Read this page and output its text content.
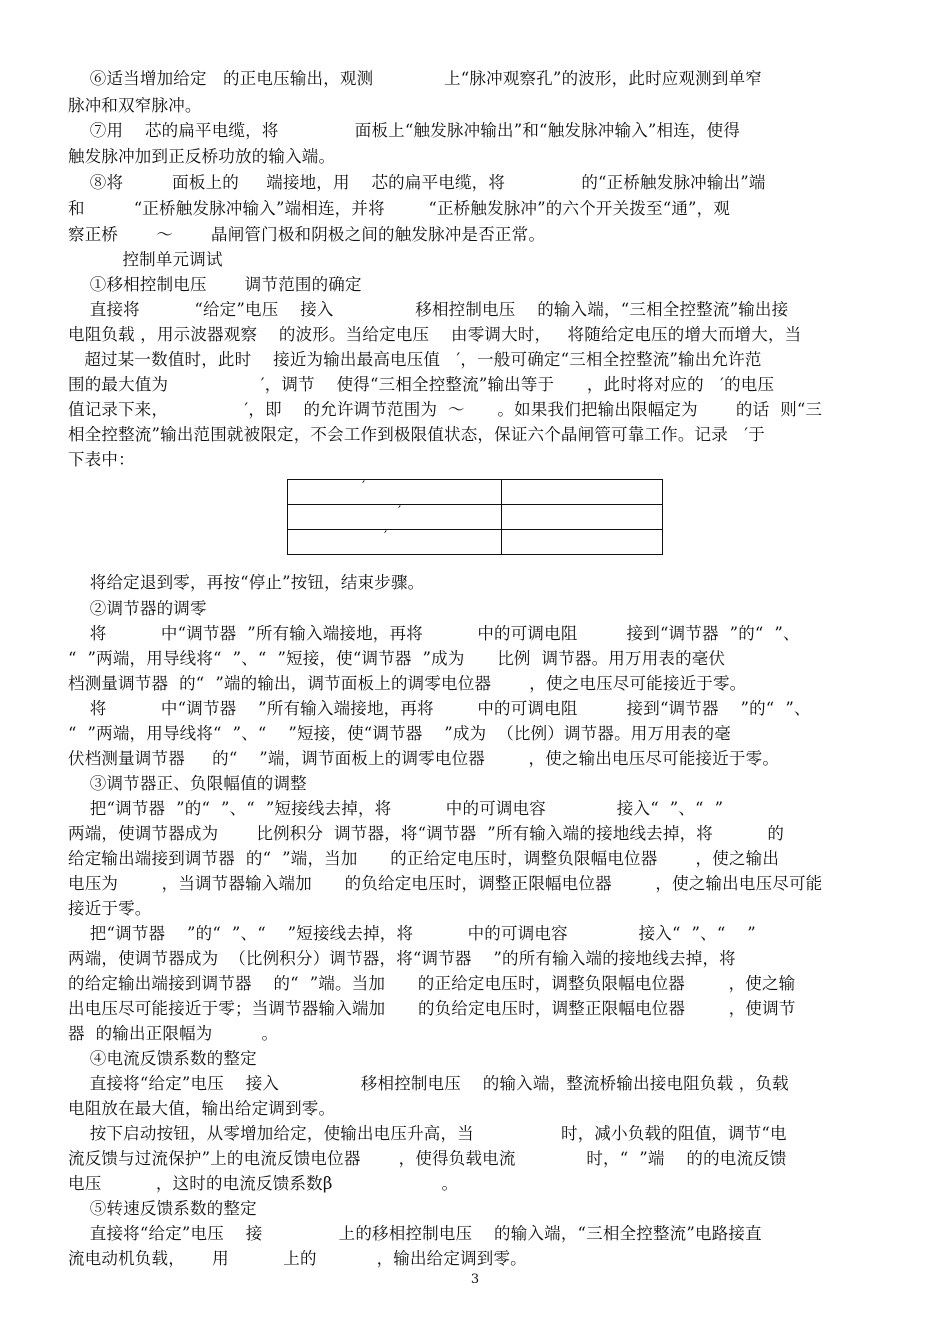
⑥适当增加给定   的正电压输出，观测             上“脉冲观察孔”的波形，此时应观测到单窄
脉冲和双窄脉冲。
⑦用    芯的扁平电缆，将              面板上“触发脉冲输出”和“触发脉冲输入”相连，使得
触发脉冲加到正反桥功放的输入端。
⑧将         面板上的     端接地，用    芯的扁平电缆，将              的“正桥触发脉冲输出”端
和         “正桥触发脉冲输入”端相连，并将        “正桥触发脉冲”的六个开关拨至“通”，观
察正桥       ～       晶闸管门极和阴极之间的触发脉冲是否正常。
控制单元调试
①移相控制电压       调节范围的确定
直接将          “给定”电压    接入               移相控制电压    的输入端，“三相全控整流”输出接
电阻负载 ，用示波器观察    的波形。当给定电压    由零调大时，   将随给定电压的增大而增大，当
超过某一数值时，此时    接近为输出最高电压值   ′，一般可确定“三相全控整流”输出允许范
围的最大值为                 ′，调节    使得“三相全控整流”输出等于      ，此时将对应的   ′的电压
值记录下来，              ′，即    的允许调节范围为  ～      。如果我们把输出限幅定为       的话  则“三
相全控整流”输出范围就被限定，不会工作到极限值状态，保证六个晶闸管可靠工作。记录   ′于
下表中：
将给定退到零，再按“停止”按钮，结束步骤。
②调节器的调零
将          中“调节器  ”所有输入端接地，再将          中的可调电阻         接到“调节器  ”的“  ”、
“  ”两端，用导线将“  ”、“  ”短接，使“调节器  ”成为      比例  调节器。用万用表的毫伏
档测量调节器  的“  ”端的输出，调节面板上的调零电位器       ，使之电压尽可能接近于零。
将          中“调节器    ”所有输入端接地，再将        中的可调电阻         接到“调节器    ”的“  ”、
“  ”两端，用导线将“  ”、“    ”短接，使“调节器    ”成为  （比例）调节器。用万用表的毫
伏档测量调节器     的“    ”端，调节面板上的调零电位器        ，使之输出电压尽可能接近于零。
③调节器正、负限幅值的调整
把“调节器  ”的“  ”、“  ”短接线去掉，将          中的可调电容             接入“  ”、“  ”
两端，使调节器成为       比例积分  调节器，将“调节器  ”所有输入端的接地线去掉，将          的
给定输出端接到调节器  的“  ”端，当加      的正给定电压时，调整负限幅电位器       ，使之输出
电压为        ，当调节器输入端加      的负给定电压时，调整正限幅电位器        ，使之输出电压尽可能
接近于零。
把“调节器    ”的“  ”、“    ”短接线去掉，将          中的可调电容             接入“  ”、“    ”
两端，使调节器成为  （比例积分）调节器，将“调节器    ”的所有输入端的接地线去掉，将
的给定输出端接到调节器    的“  ”端。当加      的正给定电压时，调整负限幅电位器        ，使之输
出电压尽可能接近于零；当调节器输入端加      的负给定电压时，调整正限幅电位器        ，使调节
器  的输出正限幅为         。
④电流反馈系数的整定
直接将“给定”电压    接入               移相控制电压    的输入端，整流桥输出接电阻负载 ，负载
电阻放在最大值，输出给定调到零。
按下启动按钮，从零增加给定，使输出电压升高，当                时，减小负载的阻值，调节“电
流反馈与过流保护”上的电流反馈电位器       ，使得负载电流             时，“  ”端    的的电流反馈
电压          ，这时的电流反馈系数β                    。
⑤转速反馈系数的整定
直接将“给定”电压    接              上的移相控制电压    的输入端，“三相全控整流”电路接直
流电动机负载，     用          上的           ，输出给定调到零。
′	
′	
′	
3
